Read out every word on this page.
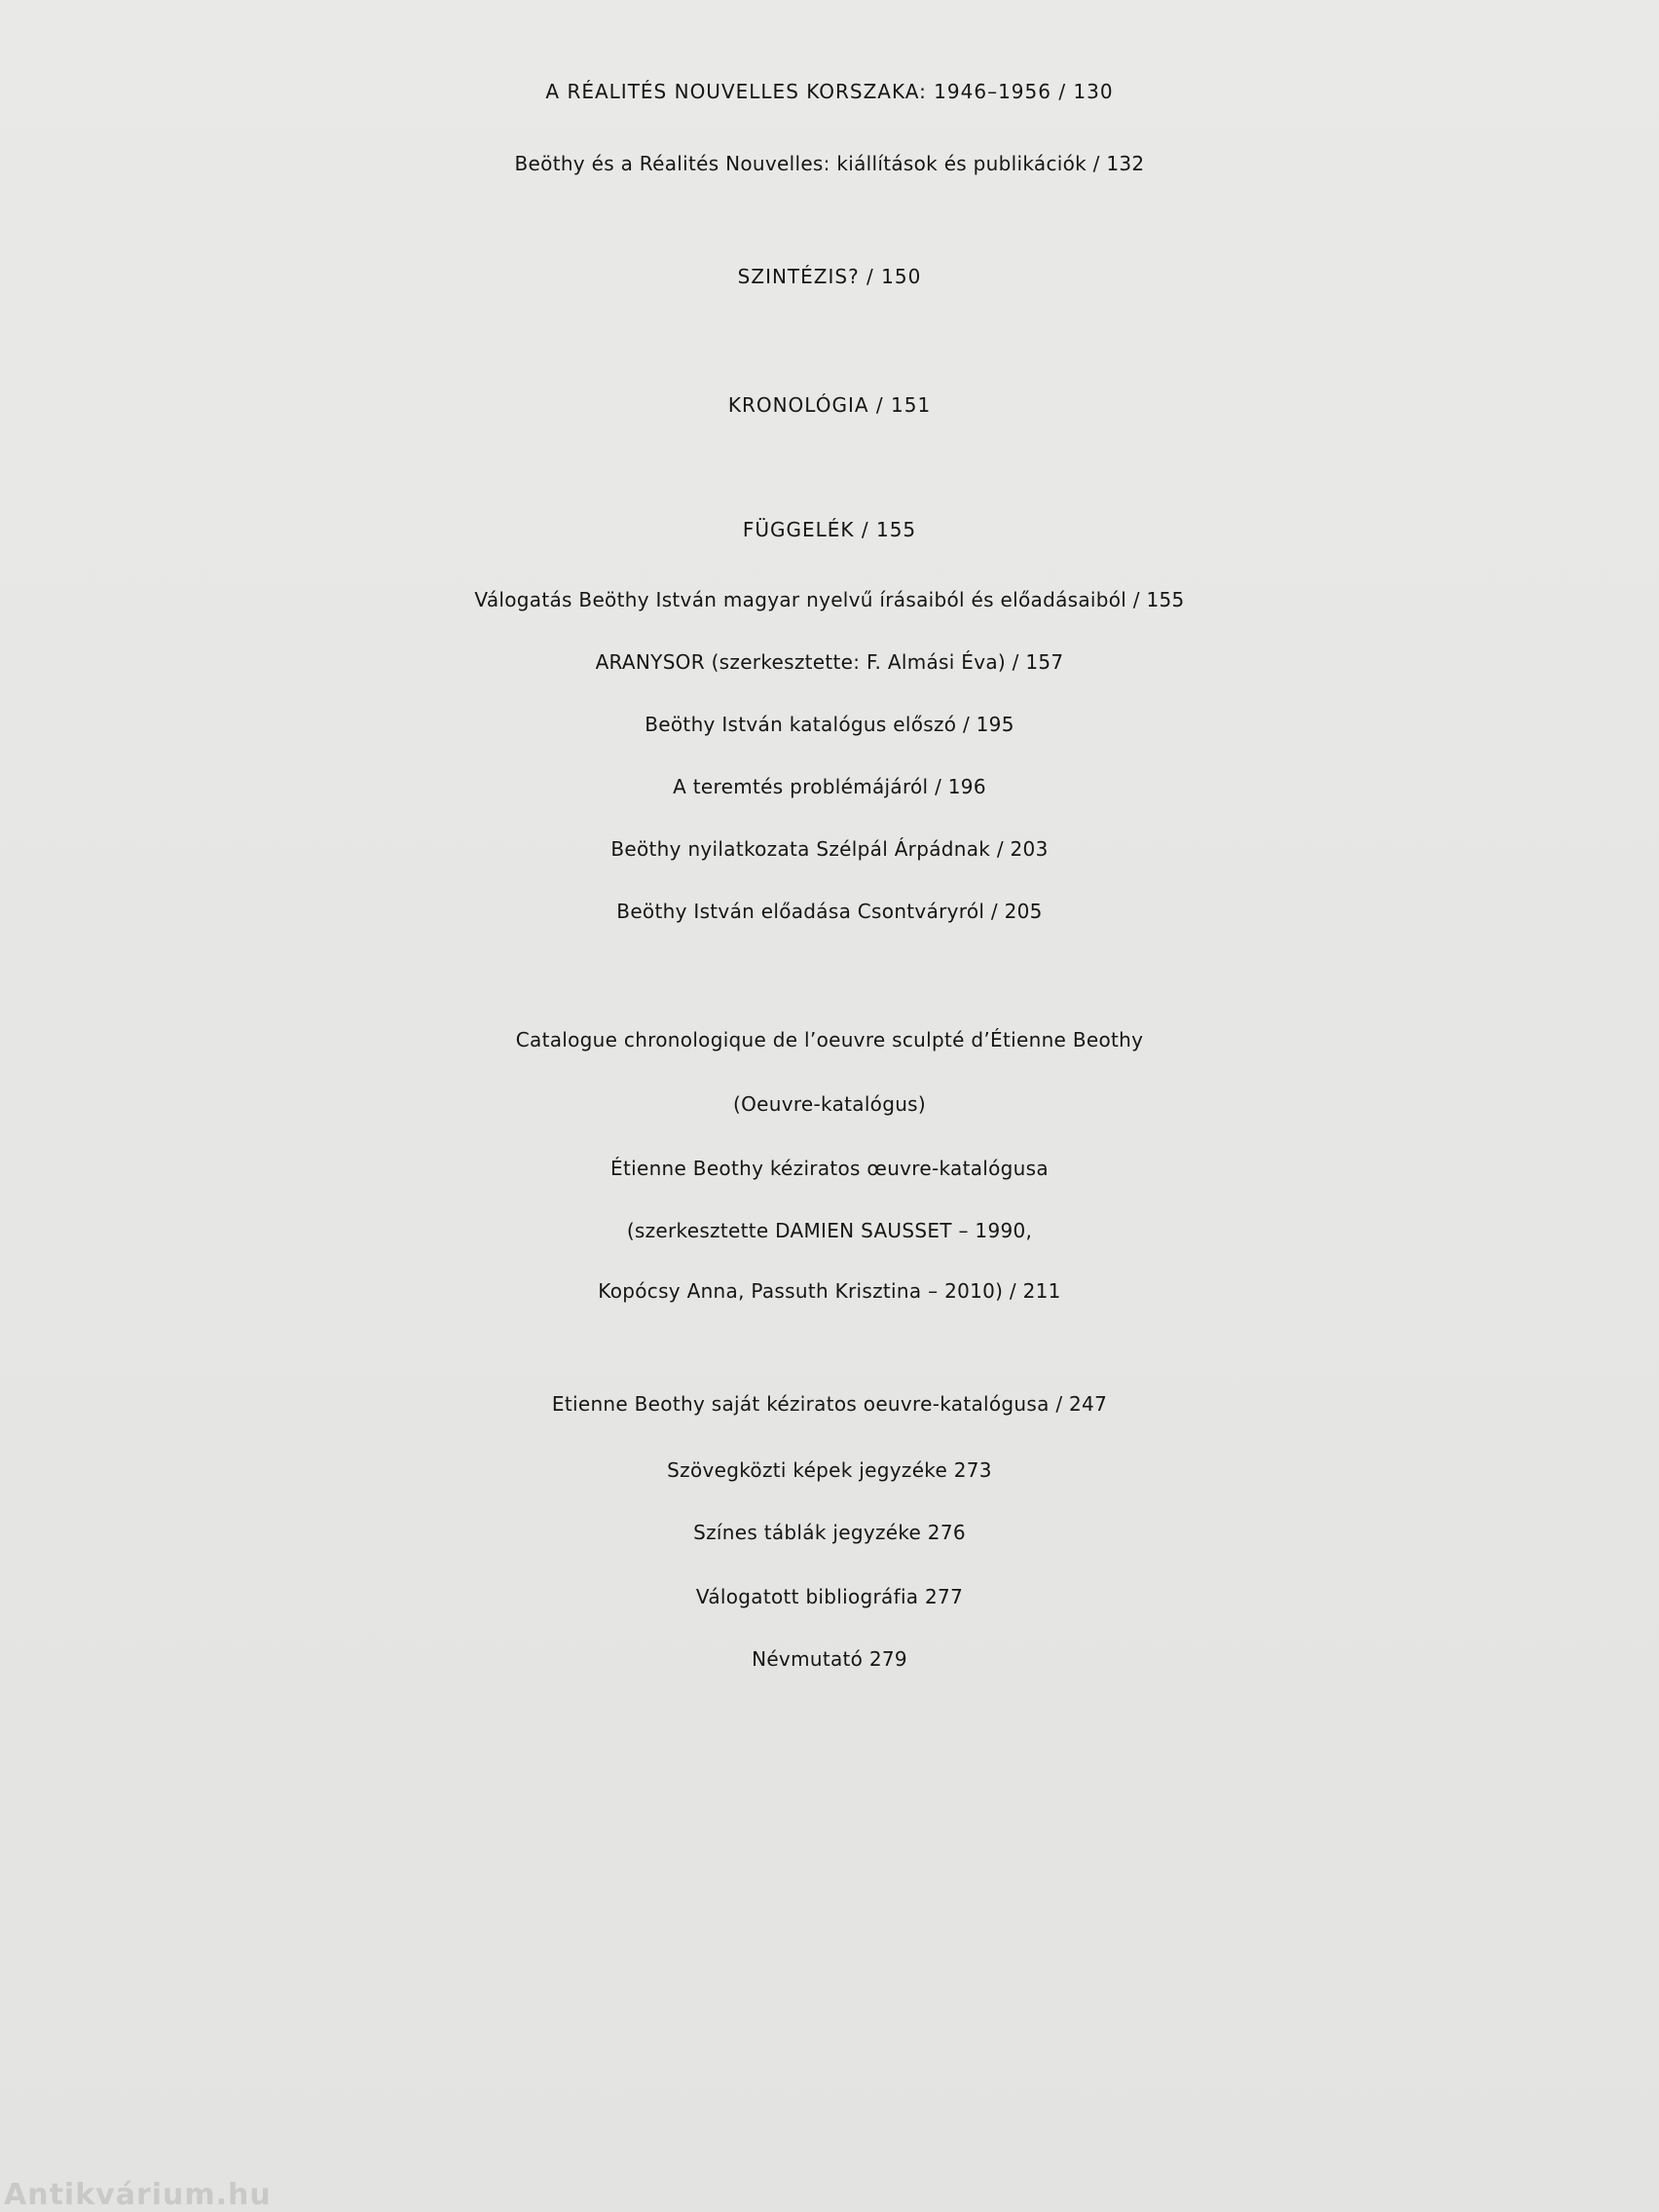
A RÉALITÉS NOUVELLES KORSZAKA: 1946–1956 / 130
Beöthy és a Réalités Nouvelles: kiállítások és publikációk / 132
SZINTÉZIS? / 150
KRONOLÓGIA / 151
FÜGGELÉK / 155
Válogatás Beöthy István magyar nyelvű írásaiból és előadásaiból / 155
ARANYSOR (szerkesztette: F. Almási Éva) / 157
Beöthy István katalógus előszó / 195
A teremtés problémájáról / 196
Beöthy nyilatkozata Szélpál Árpádnak / 203
Beöthy István előadása Csontváryról / 205
Catalogue chronologique de l’oeuvre sculpté d’Étienne Beothy
(Oeuvre-katalógus)
Étienne Beothy kéziratos œuvre-katalógusa
(szerkesztette DAMIEN SAUSSET – 1990,
Kopócsy Anna, Passuth Krisztina – 2010) / 211
Etienne Beothy saját kéziratos oeuvre-katalógusa / 247
Szövegközti képek jegyzéke 273
Színes táblák jegyzéke 276
Válogatott bibliográfia 277
Névmutató 279
Antikvárium.hu
